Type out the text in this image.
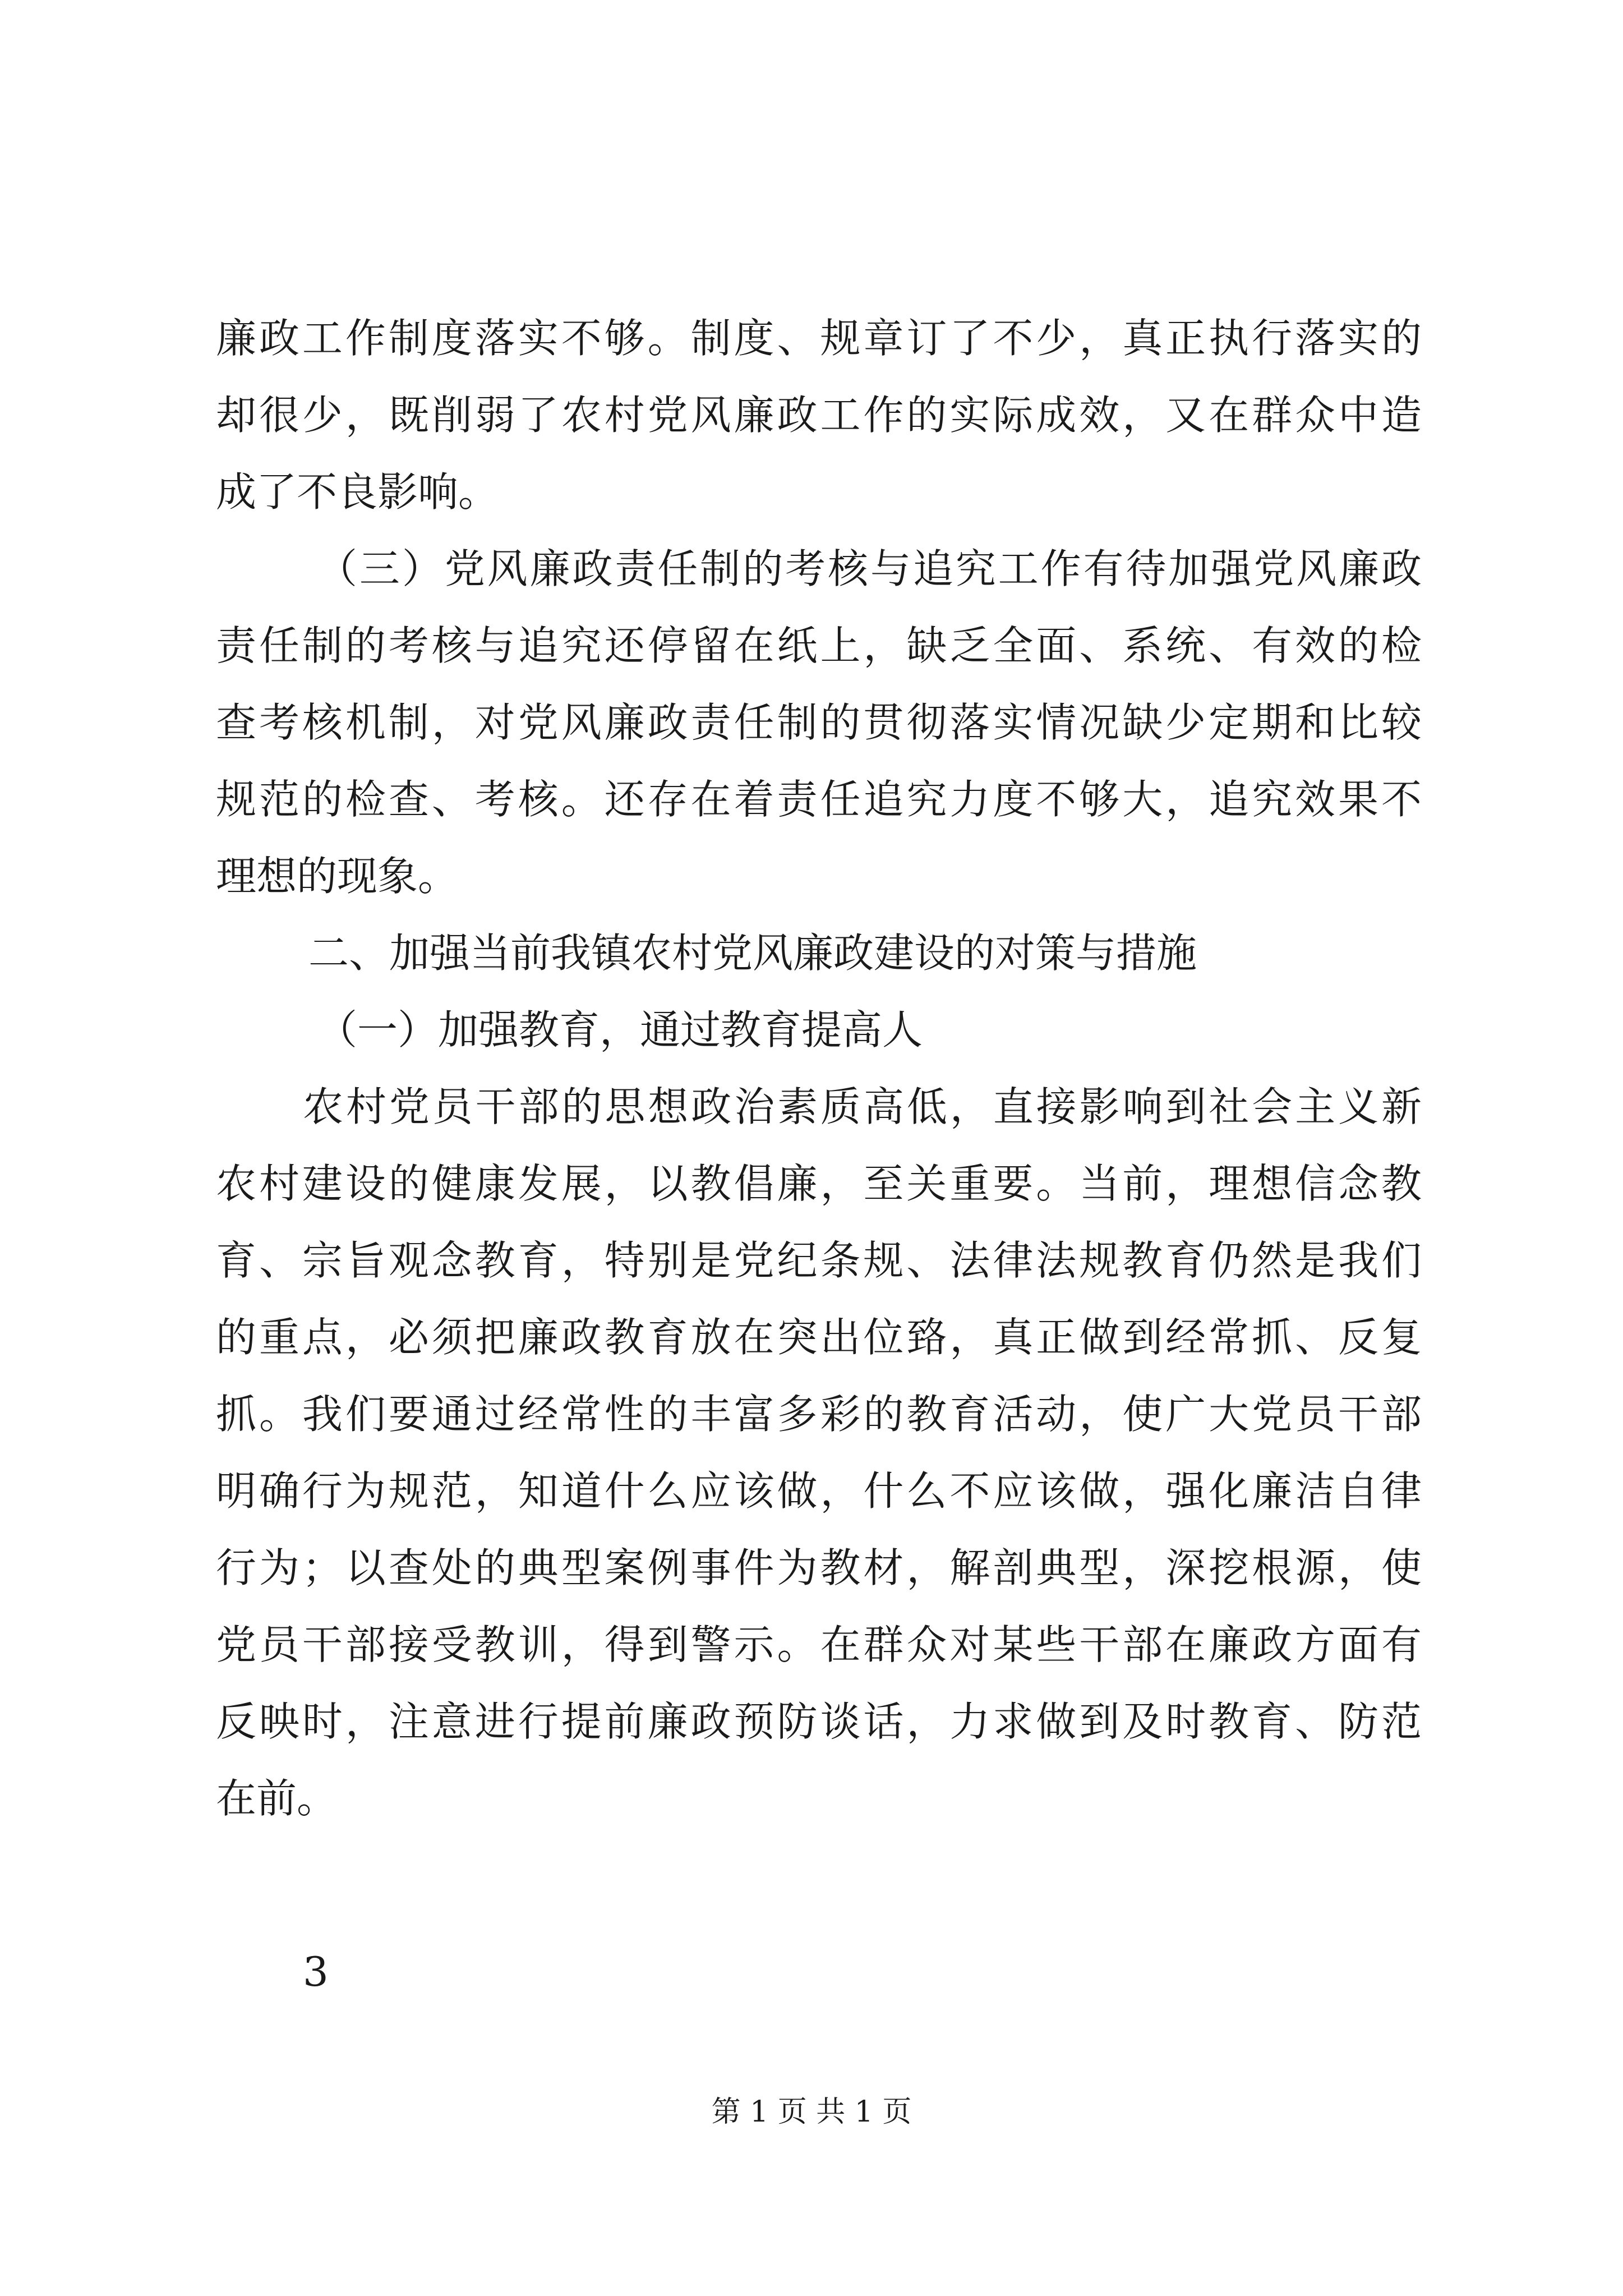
廉政工作制度落实不够。制度、规章订了不少，真正执行落实的
却很少，既削弱了农村党风廉政工作的实际成效，又在群众中造
成了不良影响。
（三）党风廉政责任制的考核与追究工作有待加强党风廉政
责任制的考核与追究还停留在纸上，缺乏全面、系统、有效的检
查考核机制，对党风廉政责任制的贯彻落实情况缺少定期和比较
规范的检查、考核。还存在着责任追究力度不够大，追究效果不
理想的现象。
二、加强当前我镇农村党风廉政建设的对策与措施
（一）加强教育，通过教育提高人
农村党员干部的思想政治素质高低，直接影响到社会主义新
农村建设的健康发展，以教倡廉，至关重要。当前，理想信念教
育、宗旨观念教育，特别是党纪条规、法律法规教育仍然是我们
的重点，必须把廉政教育放在突出位臵，真正做到经常抓、反复
抓。我们要通过经常性的丰富多彩的教育活动，使广大党员干部
明确行为规范，知道什么应该做，什么不应该做，强化廉洁自律
行为；以查处的典型案例事件为教材，解剖典型，深挖根源，使
党员干部接受教训，得到警示。在群众对某些干部在廉政方面有
反映时，注意进行提前廉政预防谈话，力求做到及时教育、防范
在前。
3
第 1 页 共 1 页
